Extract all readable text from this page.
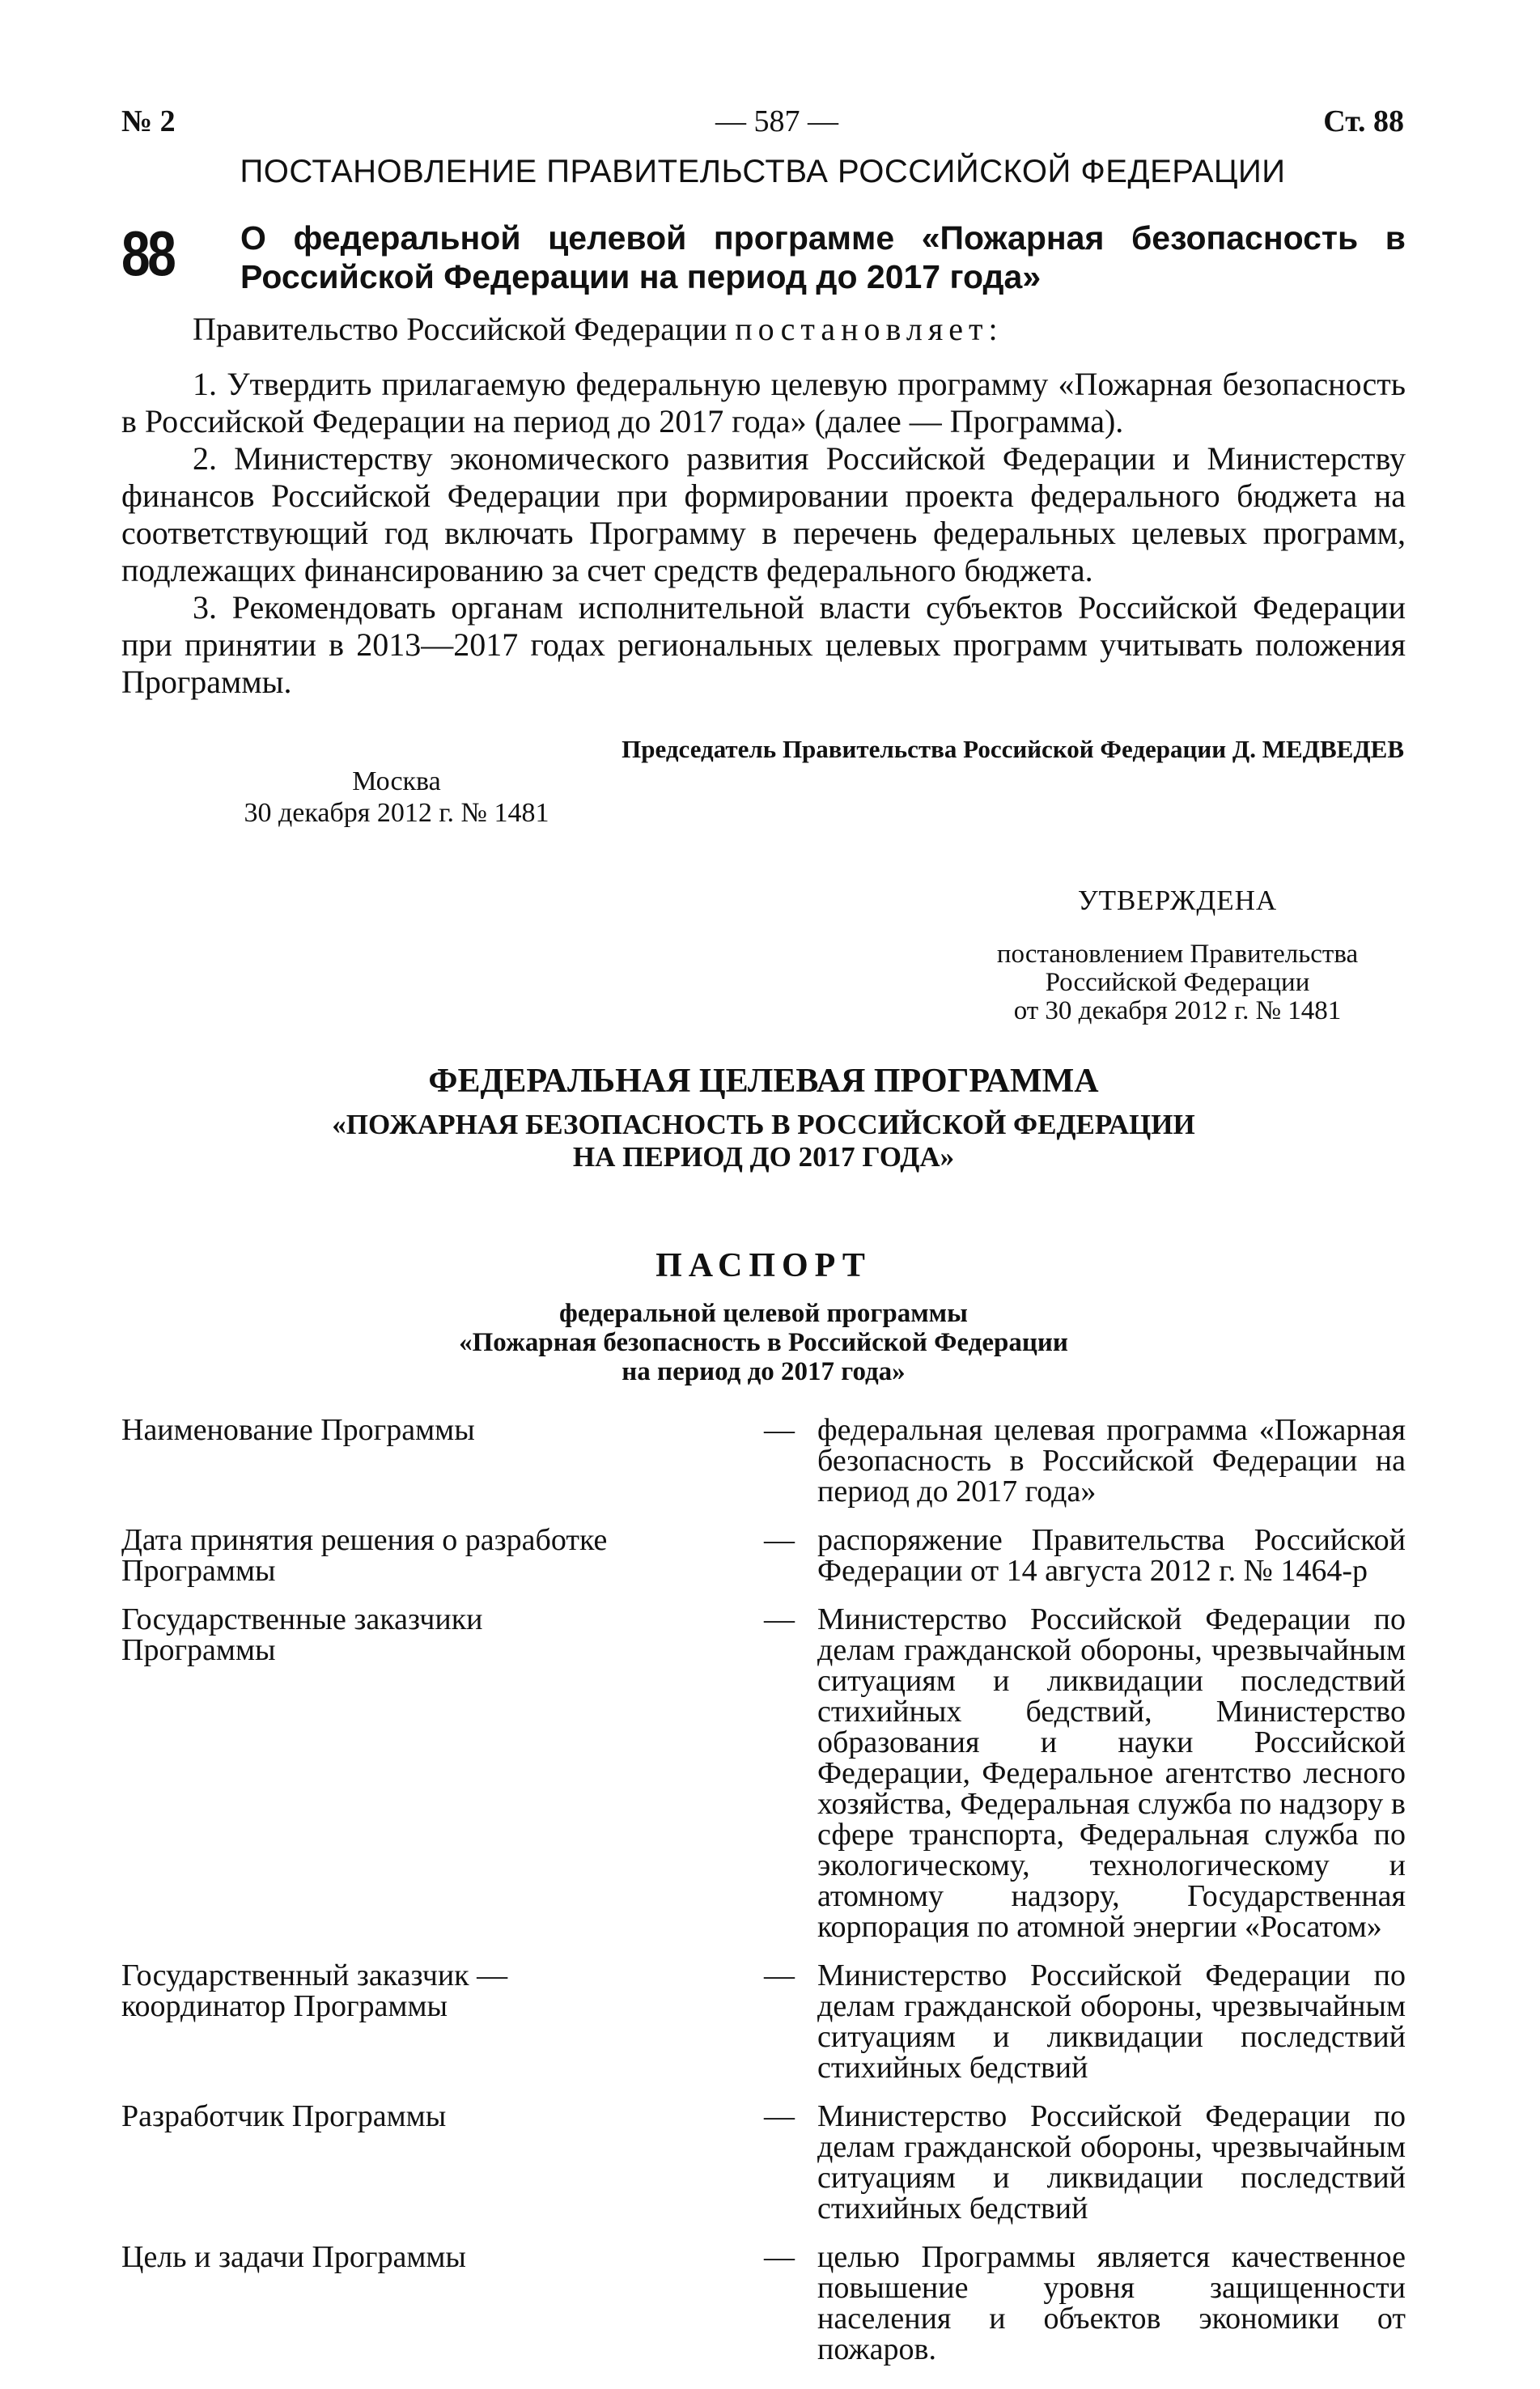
№ 2	— 587 —	Ст. 88
ПОСТАНОВЛЕНИЕ ПРАВИТЕЛЬСТВА РОССИЙСКОЙ ФЕДЕРАЦИИ
88 О федеральной целевой программе «Пожарная безопасность в Российской Федерации на период до 2017 года»

Правительство Российской Федерации постановляет:

1. Утвердить прилагаемую федеральную целевую программу «Пожарная безопасность в Российской Федерации на период до 2017 года» (далее — Программа).

2. Министерству экономического развития Российской Федерации и Министерству финансов Российской Федерации при формировании проекта федерального бюджета на соответствующий год включать Программу в перечень федеральных целевых программ, подлежащих финансированию за счет средств федерального бюджета.

3. Рекомендовать органам исполнительной власти субъектов Российской Федерации при принятии в 2013—2017 годах региональных целевых программ учитывать положения Программы.

Председатель Правительства Российской Федерации Д. МЕДВЕДЕВ
Москва
30 декабря 2012 г. № 1481
УТВЕРЖДЕНА
постановлением Правительства
Российской Федерации
от 30 декабря 2012 г. № 1481
ФЕДЕРАЛЬНАЯ ЦЕЛЕВАЯ ПРОГРАММА
«ПОЖАРНАЯ БЕЗОПАСНОСТЬ В РОССИЙСКОЙ ФЕДЕРАЦИИ
НА ПЕРИОД ДО 2017 ГОДА»
ПАСПОРТ
федеральной целевой программы
«Пожарная безопасность в Российской Федерации
на период до 2017 года»
Наименование Программы	— федеральная целевая программа «Пожарная безопасность в Российской Федерации на период до 2017 года»
Дата принятия решения о разработке Программы
— распоряжение Правительства Российской Федерации от 14 августа 2012 г. № 1464-р
Государственные заказчики Программы
— Министерство Российской Федерации по делам гражданской обороны, чрезвычайным ситуациям и ликвидации последствий стихийных бедствий, Министерство образования и науки Российской Федерации, Федеральное агентство лесного хозяйства, Федеральная служба по надзору в сфере транспорта, Федеральная служба по экологическому, технологическому и атомному надзору, Государственная корпорация по атомной энергии «Росатом»
Государственный заказчик — координатор Программы
— Министерство Российской Федерации по делам гражданской обороны, чрезвычайным ситуациям и ликвидации последствий стихийных бедствий
Разработчик Программы	— Министерство Российской Федерации по делам гражданской обороны, чрезвычайным ситуациям и ликвидации последствий стихийных бедствий
Цель и задачи Программы	— целью Программы является качественное повышение уровня защищенности населения и объектов экономики от пожаров.
